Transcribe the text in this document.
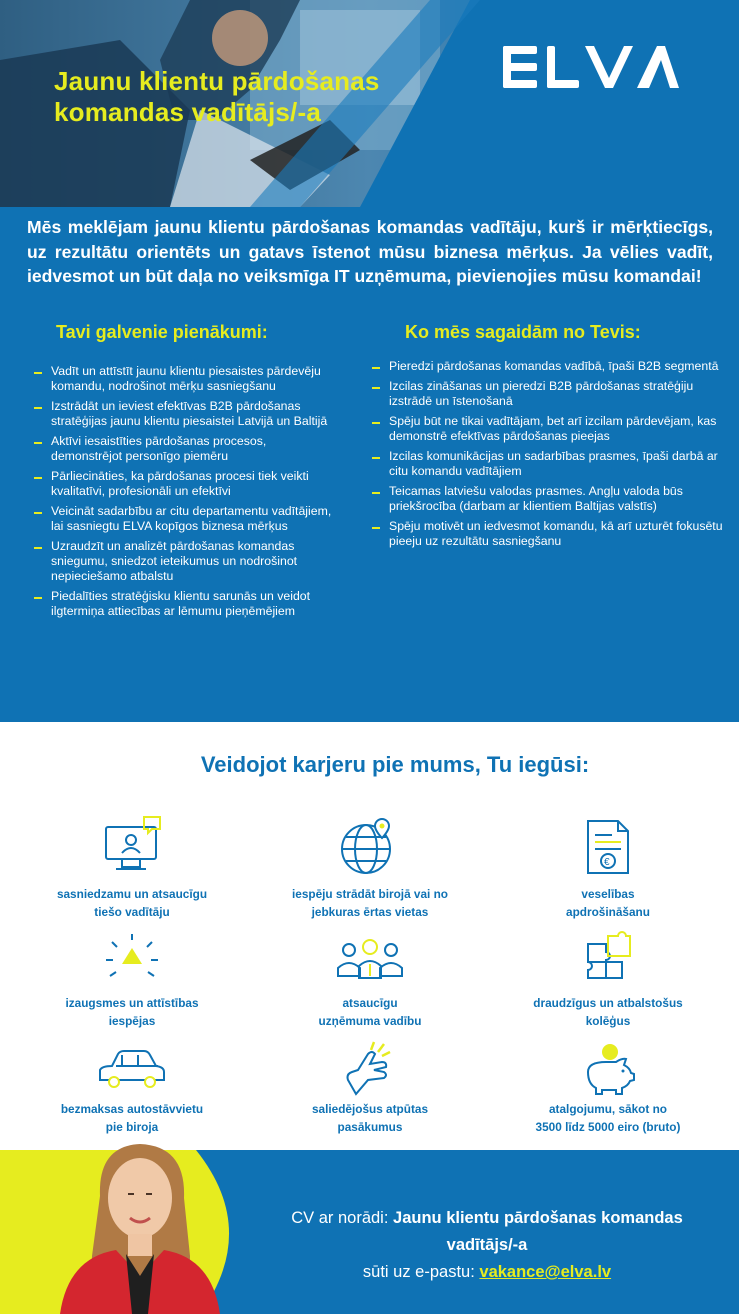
Jaunu klientu pārdošanas komandas vadītājs/-a
Mēs meklējam jaunu klientu pārdošanas komandas vadītāju, kurš ir mērķtiecīgs, uz rezultātu orientēts un gatavs īstenot mūsu biznesa mērķus. Ja vēlies vadīt, iedvesmot un būt daļa no veiksmīga IT uzņēmuma, pievienojies mūsu komandai!
Tavi galvenie pienākumi:
Vadīt un attīstīt jaunu klientu piesaistes pārdevēju komandu, nodrošinot mērķu sasniegšanu
Izstrādāt un ieviest efektīvas B2B pārdošanas stratēģijas jaunu klientu piesaistei Latvijā un Baltijā
Aktīvi iesaistīties pārdošanas procesos, demonstrējot personīgo piemēru
Pārliecināties, ka pārdošanas procesi tiek veikti kvalitatīvi, profesionāli un efektīvi
Veicināt sadarbību ar citu departamentu vadītājiem, lai sasniegtu ELVA kopīgos biznesa mērķus
Uzraudzīt un analizēt pārdošanas komandas sniegumu, sniedzot ieteikumus un nodrošinot nepieciešamo atbalstu
Piedalīties stratēģisku klientu sarunās un veidot ilgtermiņa attiecības ar lēmumu pieņēmējiem
Ko mēs sagaidām no Tevis:
Pieredzi pārdošanas komandas vadībā, īpaši B2B segmentā
Izcilas zināšanas un pieredzi B2B pārdošanas stratēģiju izstrādē un īstenošanā
Spēju būt ne tikai vadītājam, bet arī izcilam pārdevējam, kas demonstrē efektīvas pārdošanas pieejas
Izcilas komunikācijas un sadarbības prasmes, īpaši darbā ar citu komandu vadītājiem
Teicamas latviešu valodas prasmes. Angļu valoda būs priekšrocība (darbam ar klientiem Baltijas valstīs)
Spēju motivēt un iedvesmot komandu, kā arī uzturēt fokusētu pieeju uz rezultātu sasniegšanu
Veidojot karjeru pie mums, Tu iegūsi:
sasniedzamu un atsaucīgu
tiešo vadītāju
iespēju strādāt birojā vai no
jebkuras ērtas vietas
€
veselības
apdrošināšanu
izaugsmes un attīstības
iespējas
atsaucīgu
uzņēmuma vadību
draudzīgus un atbalstošus
kolēģus
bezmaksas autostāvvietu
pie biroja
saliedējošus atpūtas
pasākumus
atalgojumu, sākot no
3500 līdz 5000 eiro (bruto)
CV ar norādi: Jaunu klientu pārdošanas komandas vadītājs/-a
sūti uz e-pastu: vakance@elva.lv
